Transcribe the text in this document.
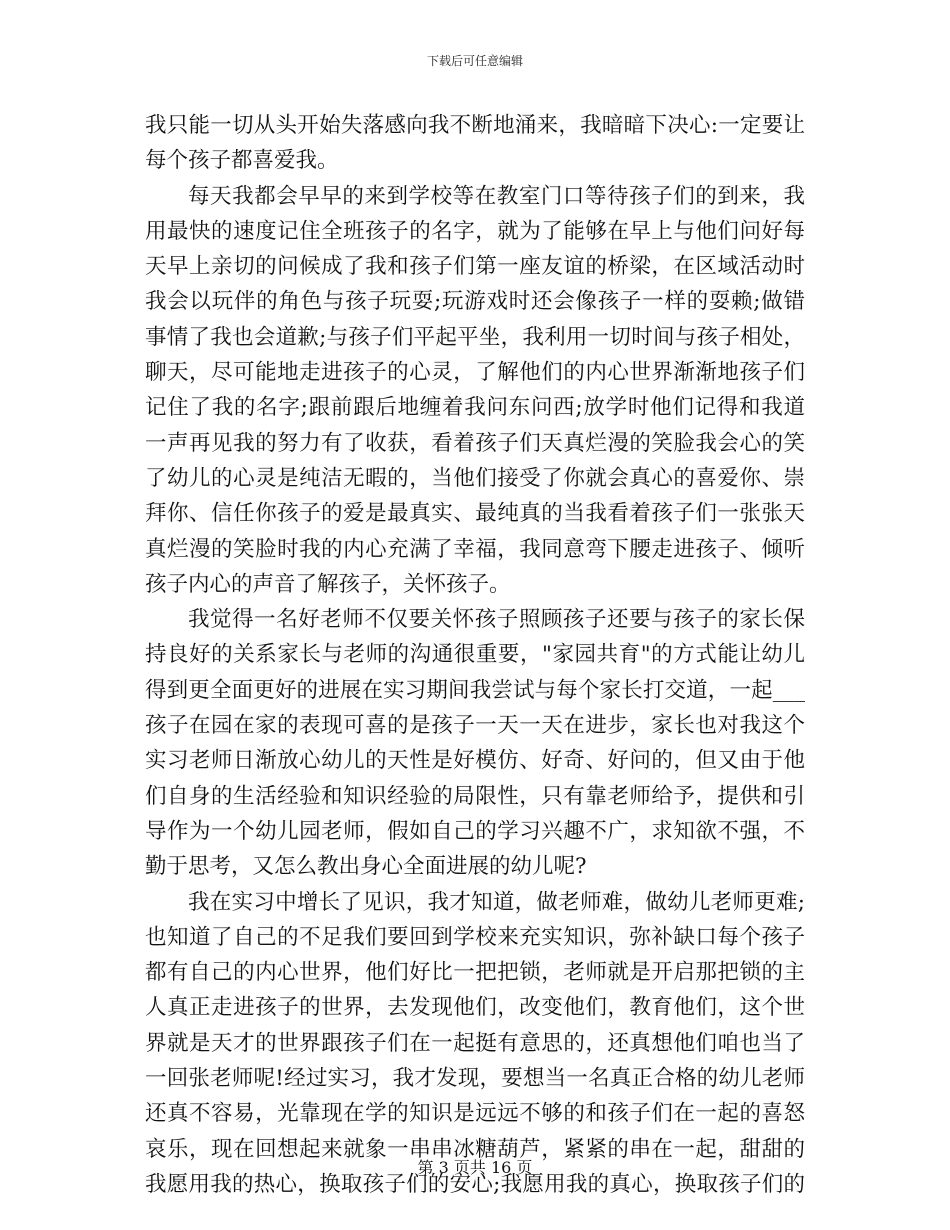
下载后可任意编辑
我只能一切从头开始失落感向我不断地涌来，我暗暗下决心:一定要让
每个孩子都喜爱我。
每天我都会早早的来到学校等在教室门口等待孩子们的到来，我
用最快的速度记住全班孩子的名字，就为了能够在早上与他们问好每
天早上亲切的问候成了我和孩子们第一座友谊的桥梁，在区域活动时
我会以玩伴的角色与孩子玩耍;玩游戏时还会像孩子一样的耍赖;做错
事情了我也会道歉;与孩子们平起平坐，我利用一切时间与孩子相处，
聊天，尽可能地走进孩子的心灵，了解他们的内心世界渐渐地孩子们
记住了我的名字;跟前跟后地缠着我问东问西;放学时他们记得和我道
一声再见我的努力有了收获，看着孩子们天真烂漫的笑脸我会心的笑
了幼儿的心灵是纯洁无暇的，当他们接受了你就会真心的喜爱你、崇
拜你、信任你孩子的爱是最真实、最纯真的当我看着孩子们一张张天
真烂漫的笑脸时我的内心充满了幸福，我同意弯下腰走进孩子、倾听
孩子内心的声音了解孩子，关怀孩子。
我觉得一名好老师不仅要关怀孩子照顾孩子还要与孩子的家长保
持良好的关系家长与老师的沟通很重要，"家园共育"的方式能让幼儿
得到更全面更好的进展在实习期间我尝试与每个家长打交道，一起___
孩子在园在家的表现可喜的是孩子一天一天在进步，家长也对我这个
实习老师日渐放心幼儿的天性是好模仿、好奇、好问的，但又由于他
们自身的生活经验和知识经验的局限性，只有靠老师给予，提供和引
导作为一个幼儿园老师，假如自己的学习兴趣不广，求知欲不强，不
勤于思考，又怎么教出身心全面进展的幼儿呢?
我在实习中增长了见识，我才知道，做老师难，做幼儿老师更难;
也知道了自己的不足我们要回到学校来充实知识，弥补缺口每个孩子
都有自己的内心世界，他们好比一把把锁，老师就是开启那把锁的主
人真正走进孩子的世界，去发现他们，改变他们，教育他们，这个世
界就是天才的世界跟孩子们在一起挺有意思的，还真想他们咱也当了
一回张老师呢!经过实习，我才发现，要想当一名真正合格的幼儿老师
还真不容易，光靠现在学的知识是远远不够的和孩子们在一起的喜怒
哀乐，现在回想起来就象一串串冰糖葫芦，紧紧的串在一起，甜甜的
我愿用我的热心，换取孩子们的安心;我愿用我的真心，换取孩子们的
第 3 页共 16 页
